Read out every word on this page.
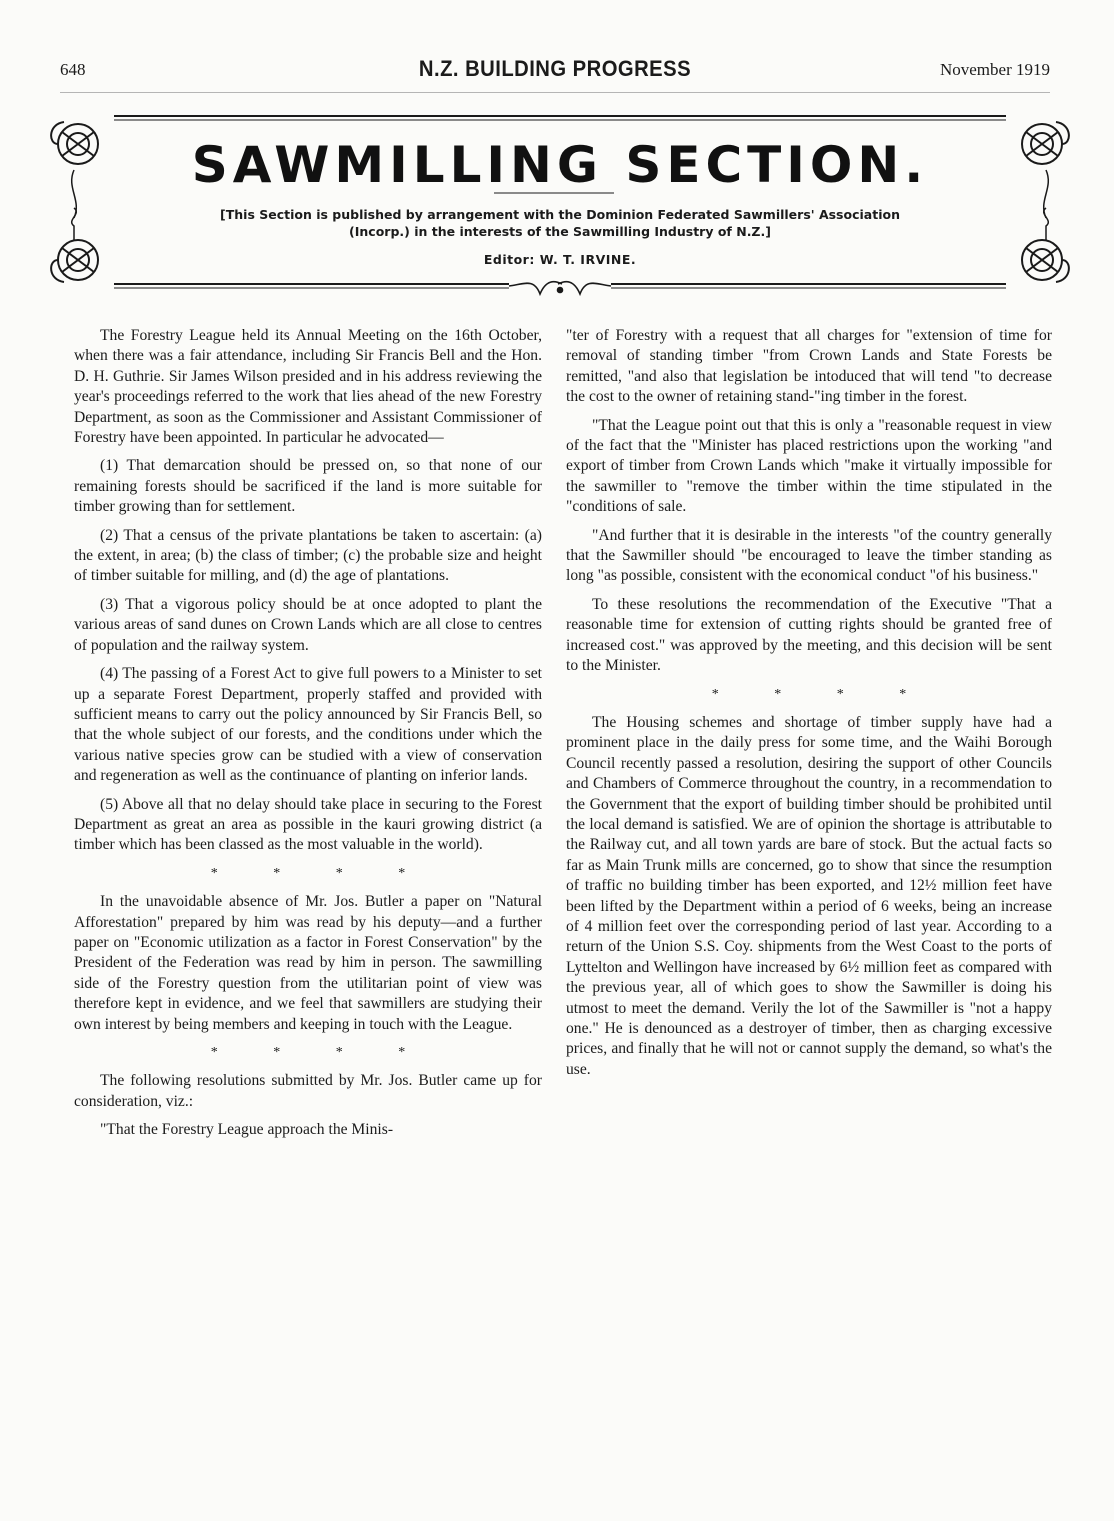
648	N.Z. BUILDING PROGRESS	November 1919
SAWMILLING SECTION.
[This Section is published by arrangement with the Dominion Federated Sawmillers' Association (Incorp.) in the interests of the Sawmilling Industry of N.Z.]
Editor: W. T. IRVINE.

The Forestry League held its Annual Meeting on the 16th October, when there was a fair attendance, including Sir Francis Bell and the Hon. D. H. Guthrie. Sir James Wilson presided and in his address reviewing the year's proceedings referred to the work that lies ahead of the new Forestry Department, as soon as the Commissioner and Assistant Commissioner of Forestry have been appointed. In particular he advocated—

(1) That demarcation should be pressed on, so that none of our remaining forests should be sacrificed if the land is more suitable for timber growing than for settlement.

(2) That a census of the private plantations be taken to ascertain: (a) the extent, in area; (b) the class of timber; (c) the probable size and height of timber suitable for milling, and (d) the age of plantations.

(3) That a vigorous policy should be at once adopted to plant the various areas of sand dunes on Crown Lands which are all close to centres of population and the railway system.

(4) The passing of a Forest Act to give full powers to a Minister to set up a separate Forest Department, properly staffed and provided with sufficient means to carry out the policy announced by Sir Francis Bell, so that the whole subject of our forests, and the conditions under which the various native species grow can be studied with a view of conservation and regeneration as well as the continuance of planting on inferior lands.

(5) Above all that no delay should take place in securing to the Forest Department as great an area as possible in the kauri growing district (a timber which has been classed as the most valuable in the world).

* * * *

In the unavoidable absence of Mr. Jos. Butler a paper on "Natural Afforestation" prepared by him was read by his deputy—and a further paper on "Economic utilization as a factor in Forest Conservation" by the President of the Federation was read by him in person. The sawmilling side of the Forestry question from the utilitarian point of view was therefore kept in evidence, and we feel that sawmillers are studying their own interest by being members and keeping in touch with the League.

* * * *

The following resolutions submitted by Mr. Jos. Butler came up for consideration, viz.:

"That the Forestry League approach the Minis-

"ter of Forestry with a request that all charges for "extension of time for removal of standing timber "from Crown Lands and State Forests be remitted, "and also that legislation be intoduced that will tend "to decrease the cost to the owner of retaining stand-"ing timber in the forest.

"That the League point out that this is only a "reasonable request in view of the fact that the "Minister has placed restrictions upon the working "and export of timber from Crown Lands which "make it virtually impossible for the sawmiller to "remove the timber within the time stipulated in the "conditions of sale.

"And further that it is desirable in the interests "of the country generally that the Sawmiller should "be encouraged to leave the timber standing as long "as possible, consistent with the economical conduct "of his business."

To these resolutions the recommendation of the Executive "That a reasonable time for extension of cutting rights should be granted free of increased cost." was approved by the meeting, and this decision will be sent to the Minister.

* * * *

The Housing schemes and shortage of timber supply have had a prominent place in the daily press for some time, and the Waihi Borough Council recently passed a resolution, desiring the support of other Councils and Chambers of Commerce throughout the country, in a recommendation to the Government that the export of building timber should be prohibited until the local demand is satisfied. We are of opinion the shortage is attributable to the Railway cut, and all town yards are bare of stock. But the actual facts so far as Main Trunk mills are concerned, go to show that since the resumption of traffic no building timber has been exported, and 12½ million feet have been lifted by the Department within a period of 6 weeks, being an increase of 4 million feet over the corresponding period of last year. According to a return of the Union S.S. Coy. shipments from the West Coast to the ports of Lyttelton and Wellingon have increased by 6½ million feet as compared with the previous year, all of which goes to show the Sawmiller is doing his utmost to meet the demand. Verily the lot of the Sawmiller is "not a happy one." He is denounced as a destroyer of timber, then as charging excessive prices, and finally that he will not or cannot supply the demand, so what's the use.
